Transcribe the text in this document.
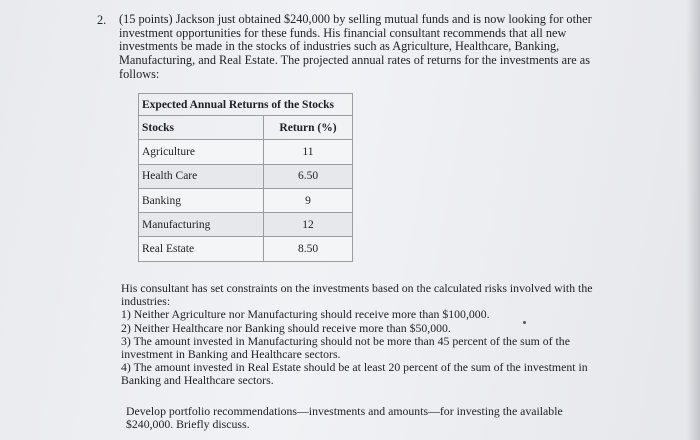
2. (15 points) Jackson just obtained $240,000 by selling mutual funds and is now looking for other
investment opportunities for these funds. His financial consultant recommends that all new
investments be made in the stocks of industries such as Agriculture, Healthcare, Banking,
Manufacturing, and Real Estate. The projected annual rates of returns for the investments are as
follows:
Expected Annual Returns of the Stocks	
Stocks	Return (%)
Agriculture	11
Health Care	6.50
Banking	9
Manufacturing	12
Real Estate	8.50
His consultant has set constraints on the investments based on the calculated risks involved with the
industries:
1) Neither Agriculture nor Manufacturing should receive more than $100,000.
2) Neither Healthcare nor Banking should receive more than $50,000.
3) The amount invested in Manufacturing should not be more than 45 percent of the sum of the
investment in Banking and Healthcare sectors.
4) The amount invested in Real Estate should be at least 20 percent of the sum of the investment in
Banking and Healthcare sectors.
Develop portfolio recommendations—investments and amounts—for investing the available
$240,000. Briefly discuss.
